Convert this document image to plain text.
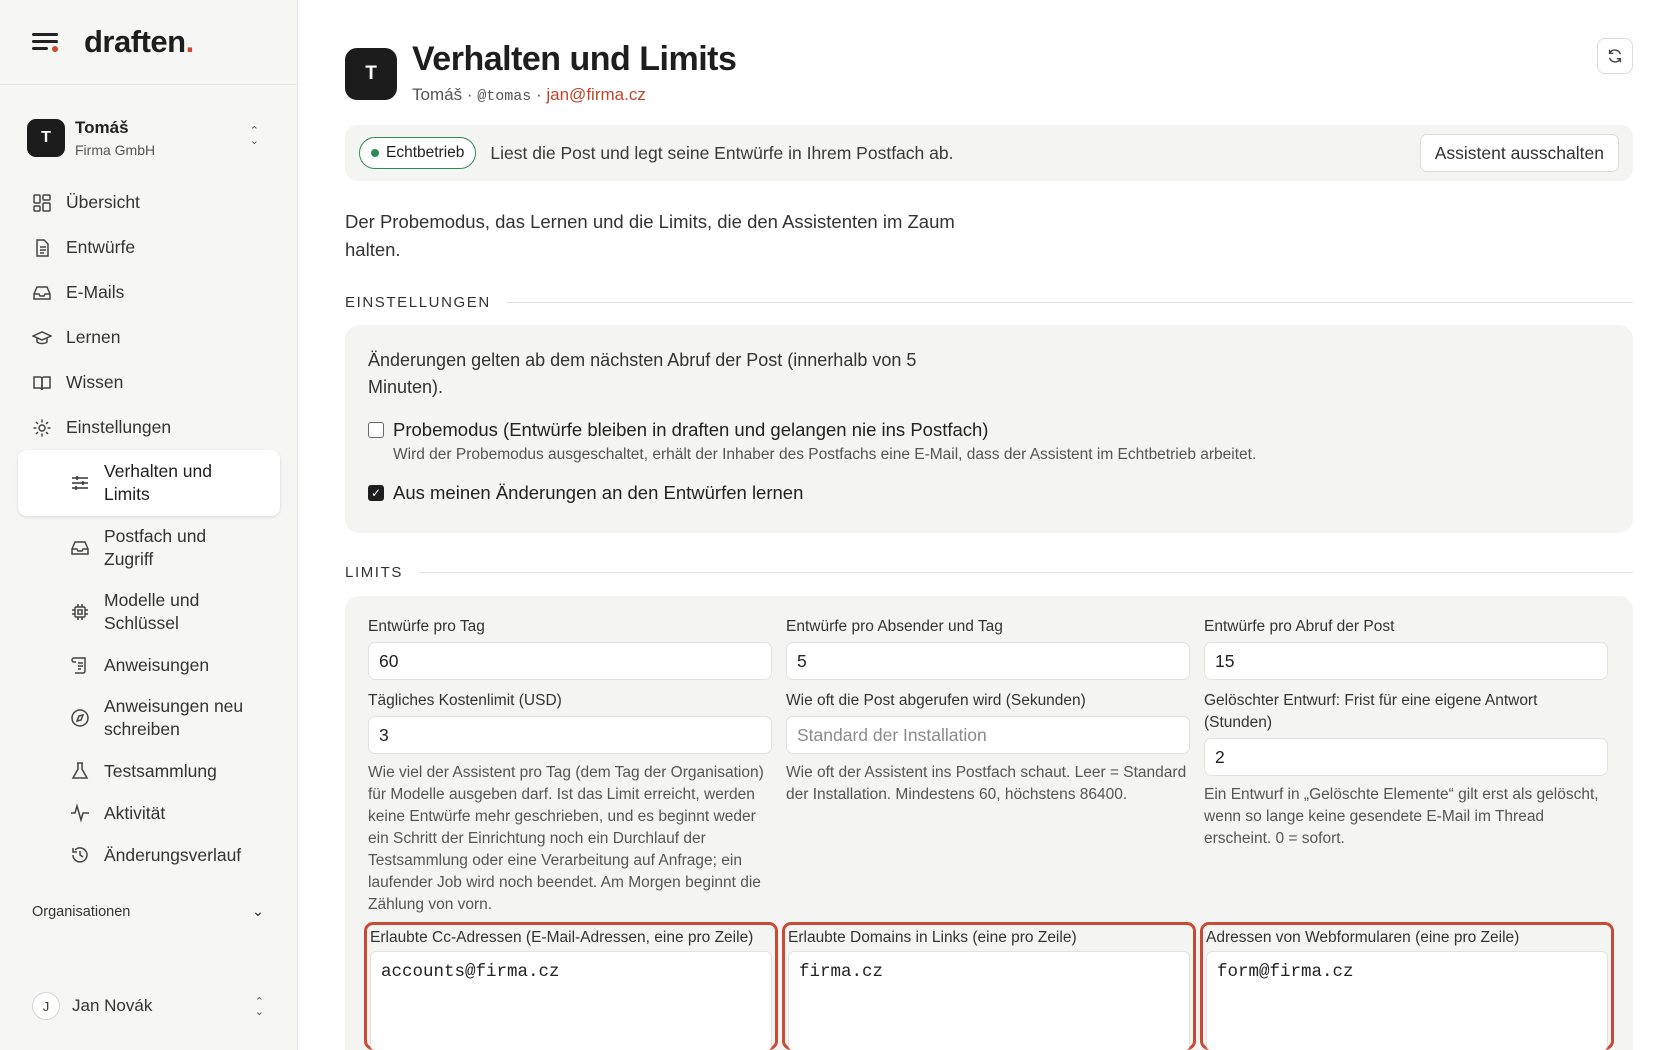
draften.
T
Tomáš
Firma GmbH
⌃
⌄
Übersicht
Entwürfe
E-Mails
Lernen
Wissen
Einstellungen
Verhalten und Limits
Postfach und Zugriff
Modelle und Schlüssel
Anweisungen
Anweisungen neu schreiben
Testsammlung
Aktivität
Änderungsverlauf
Organisationen	⌄
J	Jan Novák	⌃
⌄
T	Verhalten und Limits
Tomáš · @tomas · jan@firma.cz
Echtbetrieb Liest die Post und legt seine Entwürfe in Ihrem Postfach ab.	Assistent ausschalten

Der Probemodus, das Lernen und die Limits, die den Assistenten im Zaum halten.

EINSTELLUNGEN

Änderungen gelten ab dem nächsten Abruf der Post (innerhalb von 5 Minuten).

Probemodus (Entwürfe bleiben in draften und gelangen nie ins Postfach)
Wird der Probemodus ausgeschaltet, erhält der Inhaber des Postfachs eine E-Mail, dass der Assistent im Echtbetrieb arbeitet.
✓ Aus meinen Änderungen an den Entwürfen lernen
LIMITS
Entwürfe pro Tag
60
Entwürfe pro Absender und Tag
5
Entwürfe pro Abruf der Post
15
Tägliches Kostenlimit (USD)
3
Wie viel der Assistent pro Tag (dem Tag der Organisation) für Modelle ausgeben darf. Ist das Limit erreicht, werden keine Entwürfe mehr geschrieben, und es beginnt weder ein Schritt der Einrichtung noch ein Durchlauf der Testsammlung oder eine Verarbeitung auf Anfrage; ein laufender Job wird noch beendet. Am Morgen beginnt die Zählung von vorn.
Wie oft die Post abgerufen wird (Sekunden)
Standard der Installation
Wie oft der Assistent ins Postfach schaut. Leer = Standard der Installation. Mindestens 60, höchstens 86400.
Gelöschter Entwurf: Frist für eine eigene Antwort (Stunden)
2
Ein Entwurf in „Gelöschte Elemente“ gilt erst als gelöscht, wenn so lange keine gesendete E-Mail im Thread erscheint. 0 = sofort.
Erlaubte Cc-Adressen (E-Mail-Adressen, eine pro Zeile)
accounts@firma.cz
Erlaubte Domains in Links (eine pro Zeile)
firma.cz
Adressen von Webformularen (eine pro Zeile)
form@firma.cz
